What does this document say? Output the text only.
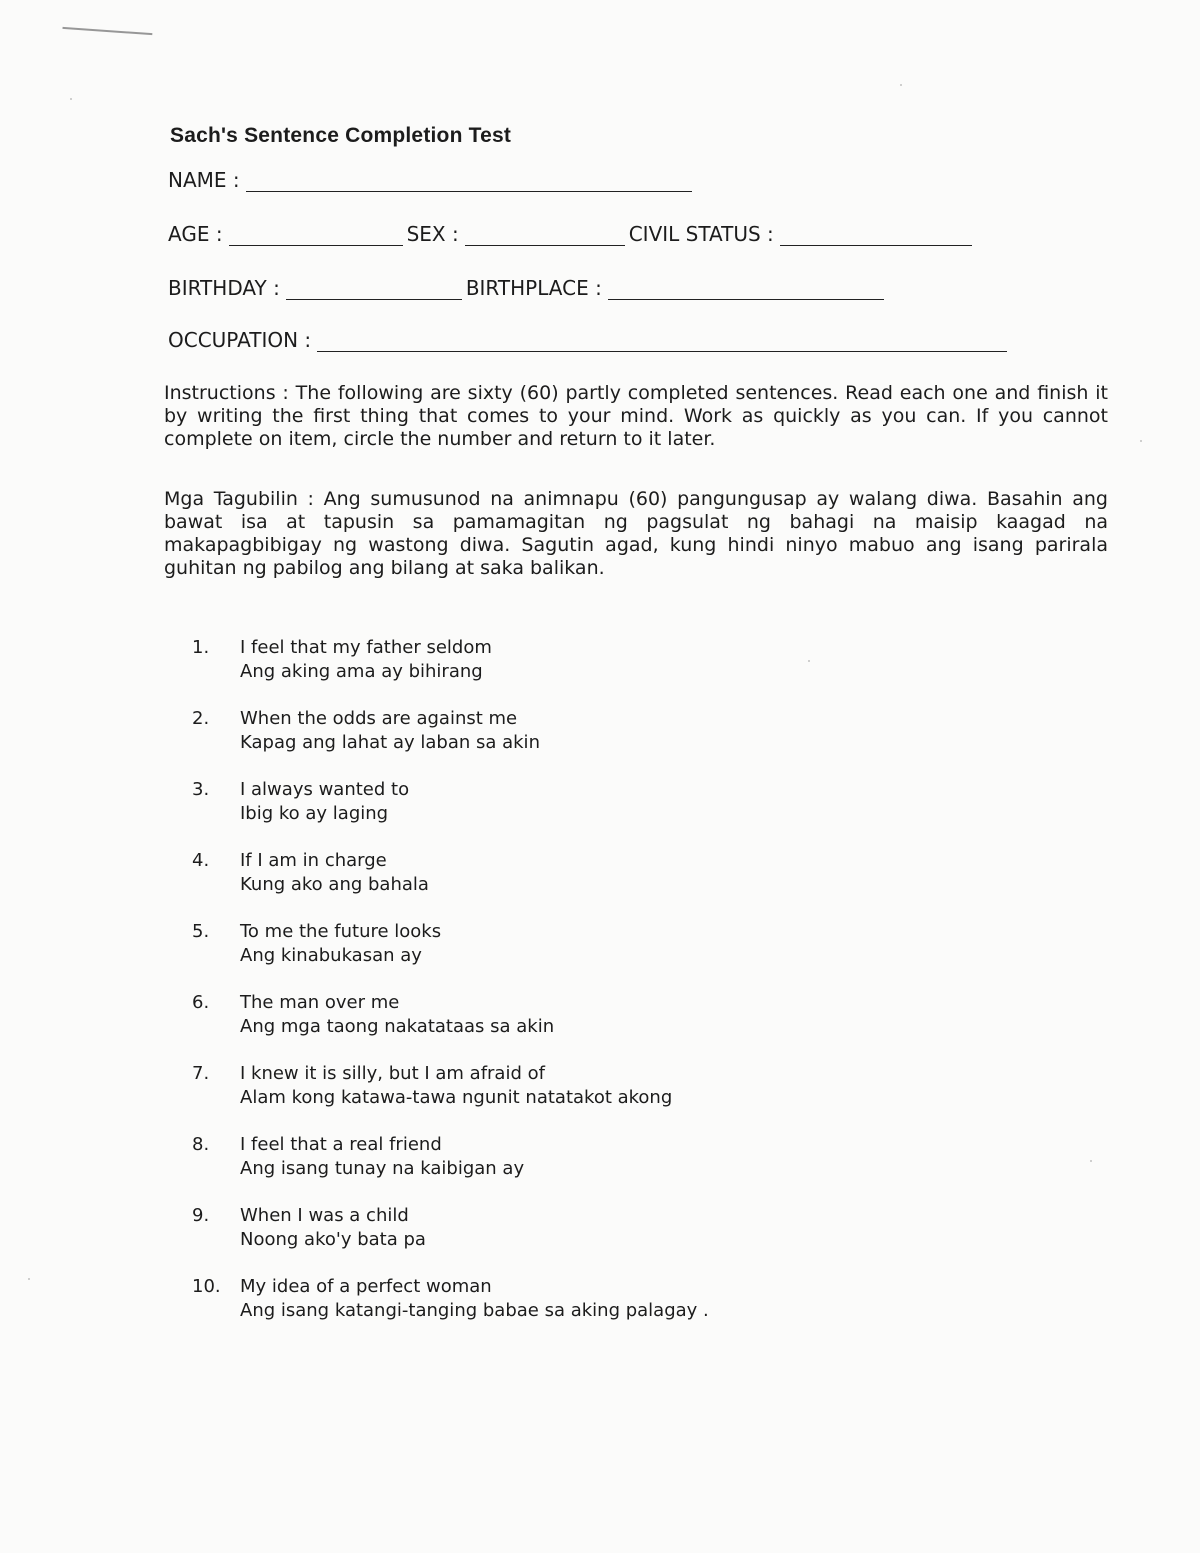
Sach's Sentence Completion Test
NAME :
AGE :	SEX :	CIVIL STATUS :
BIRTHDAY :	BIRTHPLACE :
OCCUPATION :
Instructions : The following are sixty (60) partly completed sentences. Read each one and finish it by writing the first thing that comes to your mind. Work as quickly as you can. If you cannot complete on item, circle the number and return to it later.
Mga Tagubilin : Ang sumusunod na animnapu (60) pangungusap ay walang diwa. Basahin ang bawat isa at tapusin sa pamamagitan ng pagsulat ng bahagi na maisip kaagad na makapagbibigay ng wastong diwa. Sagutin agad, kung hindi ninyo mabuo ang isang parirala guhitan ng pabilog ang bilang at saka balikan.
1.	I feel that my father seldom
Ang aking ama ay bihirang
2.	When the odds are against me
Kapag ang lahat ay laban sa akin
3.	I always wanted to
Ibig ko ay laging
4.	If I am in charge
Kung ako ang bahala
5.	To me the future looks
Ang kinabukasan ay
6.	The man over me
Ang mga taong nakatataas sa akin
7.	I knew it is silly, but I am afraid of
Alam kong katawa-tawa ngunit natatakot akong
8.	I feel that a real friend
Ang isang tunay na kaibigan ay
9.	When I was a child
Noong ako'y bata pa
10.	My idea of a perfect woman
Ang isang katangi-tanging babae sa aking palagay .
